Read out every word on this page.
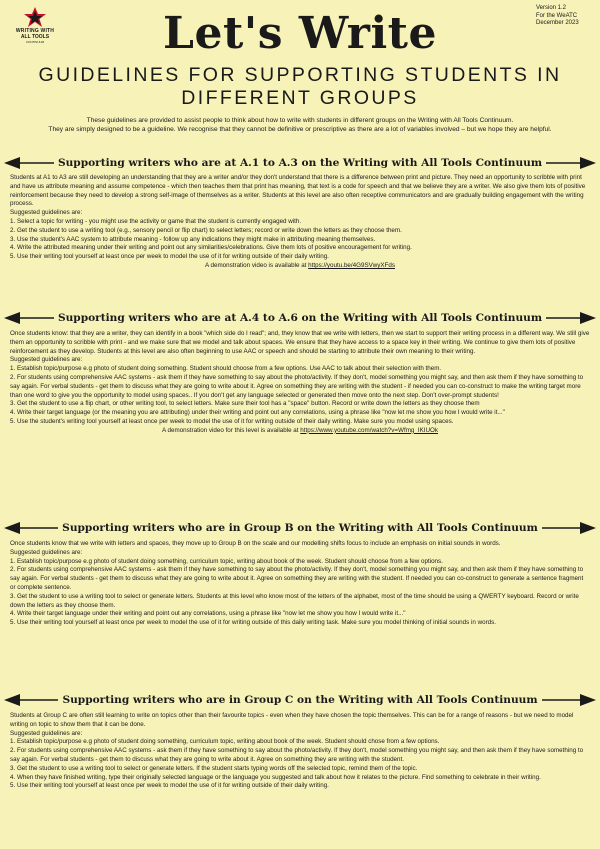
WRITING WITH
ALL TOOLS
CONTINUUM
Version 1.2
For the WeATC
December 2023
Let's Write
GUIDELINES FOR SUPPORTING STUDENTS IN DIFFERENT GROUPS
These guidelines are provided to assist people to think about how to write with students in different groups on the Writing with All Tools Continuum.
They are simply designed to be a guideline. We recognise that they cannot be definitive or prescriptive as there are a lot of variables involved – but we hope they are helpful.
Supporting writers who are at A.1 to A.3 on the Writing with All Tools Continuum

Students at A1 to A3 are still developing an understanding that they are a writer and/or they don't understand that there is a difference between print and picture. They need an opportunity to scribble with print and have us attribute meaning and assume competence - which then teaches them that print has meaning, that text is a code for speech and that we believe they are a writer. We also give them lots of positive reinforcement because they need to develop a strong self-image of themselves as a writer. Students at this level are also often receptive communicators and are gradually building engagement with the writing process.

Suggested guidelines are:

1. Select a topic for writing - you might use the activity or game that the student is currently engaged with.
2. Get the student to use a writing tool (e.g., sensory pencil or flip chart) to select letters; record or write down the letters as they choose them.
3. Use the student's AAC system to attribute meaning - follow up any indications they might make in attributing meaning themselves.
4. Write the attributed meaning under their writing and point out any similarities/celebrations. Give them lots of positive encouragement for writing.
5. Use their writing tool yourself at least once per week to model the use of it for writing outside of their daily writing.

A demonstration video is available at https://youtu.be/4G9SVwyXFds

Supporting writers who are at A.4 to A.6 on the Writing with All Tools Continuum

Once students know: that they are a writer, they can identify in a book "which side do I read"; and, they know that we write with letters, then we start to support their writing process in a different way. We still give them an opportunity to scribble with print - and we make sure that we model and talk about spaces. We ensure that they have access to a space key in their writing. We continue to give them lots of positive reinforcement as they develop. Students at this level are also often beginning to use AAC or speech and should be starting to attribute their own meaning to their writing.

Suggested guidelines are:

1. Establish topic/purpose e.g photo of student doing something. Student should choose from a few options. Use AAC to talk about their selection with them.
2. For students using comprehensive AAC systems - ask them if they have something to say about the photo/activity. If they don't, model something you might say, and then ask them if they have something to say again. For verbal students - get them to discuss what they are going to write about it. Agree on something they are writing with the student - if needed you can co-construct to make the writing target more than one word to give you the opportunity to model using spaces.. If you don't get any language selected or generated then move onto the next step. Don't over-prompt students!
3. Get the student to use a flip chart, or other writing tool, to select letters. Make sure their tool has a "space" button. Record or write down the letters as they choose them
4. Write their target language (or the meaning you are attributing) under their writing and point out any correlations, using a phrase like "now let me show you how I would write it..."
5. Use the student's writing tool yourself at least once per week to model the use of it for writing outside of their daily writing. Make sure you model using spaces.

A demonstration video for this level is available at https://www.youtube.com/watch?v=Wfmg_IKIUOk

Supporting writers who are in Group B on the Writing with All Tools Continuum

Once students know that we write with letters and spaces, they move up to Group B on the scale and our modelling shifts focus to include an emphasis on initial sounds in words.

Suggested guidelines are:

1. Establish topic/purpose e.g photo of student doing something, curriculum topic, writing about book of the week. Student should choose from a few options.
2. For students using comprehensive AAC systems - ask them if they have something to say about the photo/activity. If they don't, model something you might say, and then ask them if they have something to say again. For verbal students - get them to discuss what they are going to write about it. Agree on something they are writing with the student. If needed you can co-construct to generate a sentence fragment or complete sentence.
3. Get the student to use a writing tool to select or generate letters. Students at this level who know most of the letters of the alphabet, most of the time should be using a QWERTY keyboard. Record or write down the letters as they choose them.
4. Write their target language under their writing and point out any correlations, using a phrase like "now let me show you how I would write it..."
5. Use their writing tool yourself at least once per week to model the use of it for writing outside of this daily writing task. Make sure you model thinking of initial sounds in words.
Supporting writers who are in Group C on the Writing with All Tools Continuum

Students at Group C are often still learning to write on topics other than their favourite topics - even when they have chosen the topic themselves. This can be for a range of reasons - but we need to model writing on topic to show them that it can be done.

Suggested guidelines are:

1. Establish topic/purpose e.g photo of student doing something, curriculum topic, writing about book of the week. Student should chose from a few options.
2. For students using comprehensive AAC systems - ask them if they have something to say about the photo/activity. If they don't, model something you might say, and then ask them if they have something to say again. For verbal students - get them to discuss what they are going to write about it. Agree on something they are writing with the student.
3. Get the student to use a writing tool to select or generate letters. If the student starts typing words off the selected topic, remind them of the topic.
4. When they have finished writing, type their originally selected language or the language you suggested and talk about how it relates to the picture. Find something to celebrate in their writing.
5. Use their writing tool yourself at least once per week to model the use of it for writing outside of their daily writing.
